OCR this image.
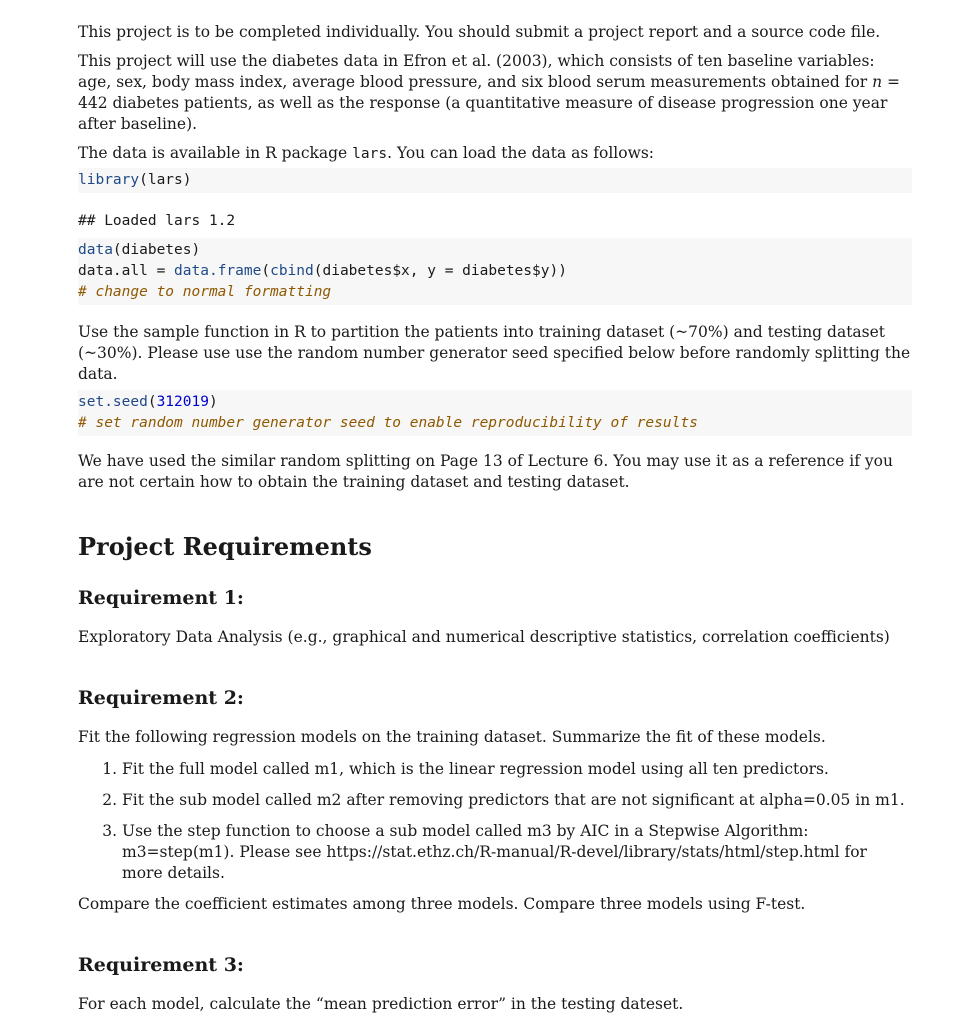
This project is to be completed individually. You should submit a project report and a source code file.

This project will use the diabetes data in Efron et al. (2003), which consists of ten baseline variables: age, sex, body mass index, average blood pressure, and six blood serum measurements obtained for n = 442 diabetes patients, as well as the response (a quantitative measure of disease progression one year after baseline).

The data is available in R package lars. You can load the data as follows:

library(lars)
## Loaded lars 1.2
data(diabetes)
data.all = data.frame(cbind(diabetes$x, y = diabetes$y))
# change to normal formatting

Use the sample function in R to partition the patients into training dataset (~70%) and testing dataset (~30%). Please use use the random number generator seed specified below before randomly splitting the data.

set.seed(312019)
# set random number generator seed to enable reproducibility of results

We have used the similar random splitting on Page 13 of Lecture 6. You may use it as a reference if you are not certain how to obtain the training dataset and testing dataset.

Project Requirements
Requirement 1:

Exploratory Data Analysis (e.g., graphical and numerical descriptive statistics, correlation coefficients)

Requirement 2:

Fit the following regression models on the training dataset. Summarize the fit of these models.

1. Fit the full model called m1, which is the linear regression model using all ten predictors.
2. Fit the sub model called m2 after removing predictors that are not significant at alpha=0.05 in m1.
3. Use the step function to choose a sub model called m3 by AIC in a Stepwise Algorithm: m3=step(m1). Please see https://stat.ethz.ch/R-manual/R-devel/library/stats/html/step.html for more details.

Compare the coefficient estimates among three models. Compare three models using F-test.

Requirement 3:

For each model, calculate the “mean prediction error” in the testing dateset.
